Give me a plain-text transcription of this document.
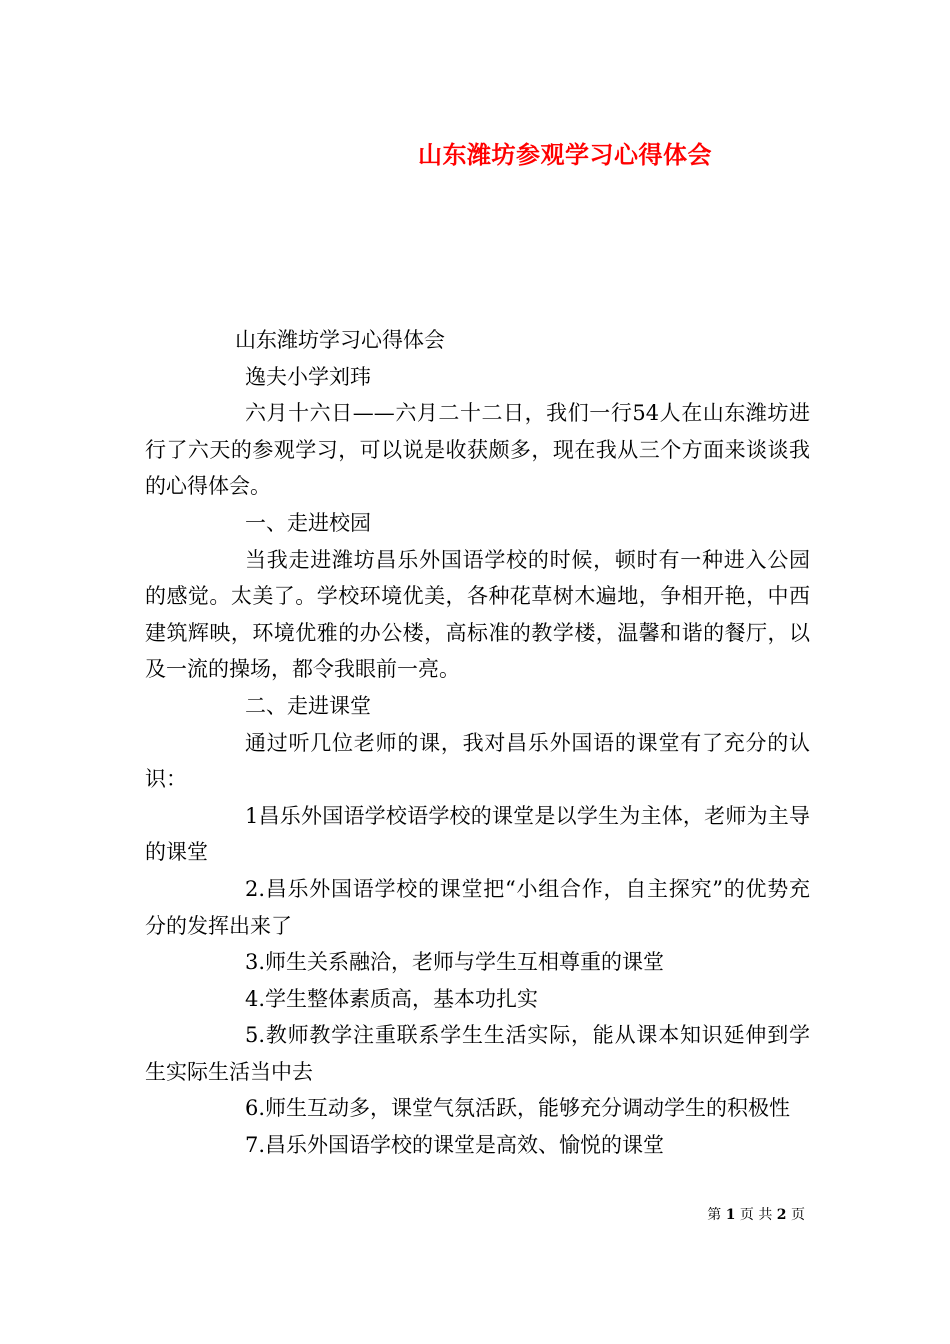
山东潍坊参观学习心得体会

山东潍坊学习心得体会

逸夫小学刘玮

六月十六日——六月二十二日，我们一行54人在山东潍坊进行了六天的参观学习，可以说是收获颇多，现在我从三个方面来谈谈我的心得体会。

一、走进校园

当我走进潍坊昌乐外国语学校的时候，顿时有一种进入公园的感觉。太美了。学校环境优美，各种花草树木遍地，争相开艳，中西建筑辉映，环境优雅的办公楼，高标准的教学楼，温馨和谐的餐厅，以及一流的操场，都令我眼前一亮。

二、走进课堂

通过听几位老师的课，我对昌乐外国语的课堂有了充分的认识：

1昌乐外国语学校语学校的课堂是以学生为主体，老师为主导的课堂

2.昌乐外国语学校的课堂把“小组合作，自主探究”的优势充分的发挥出来了

3.师生关系融洽，老师与学生互相尊重的课堂

4.学生整体素质高，基本功扎实

5.教师教学注重联系学生生活实际，能从课本知识延伸到学生实际生活当中去

6.师生互动多，课堂气氛活跃，能够充分调动学生的积极性

7.昌乐外国语学校的课堂是高效、愉悦的课堂

第 1 页 共 2 页
